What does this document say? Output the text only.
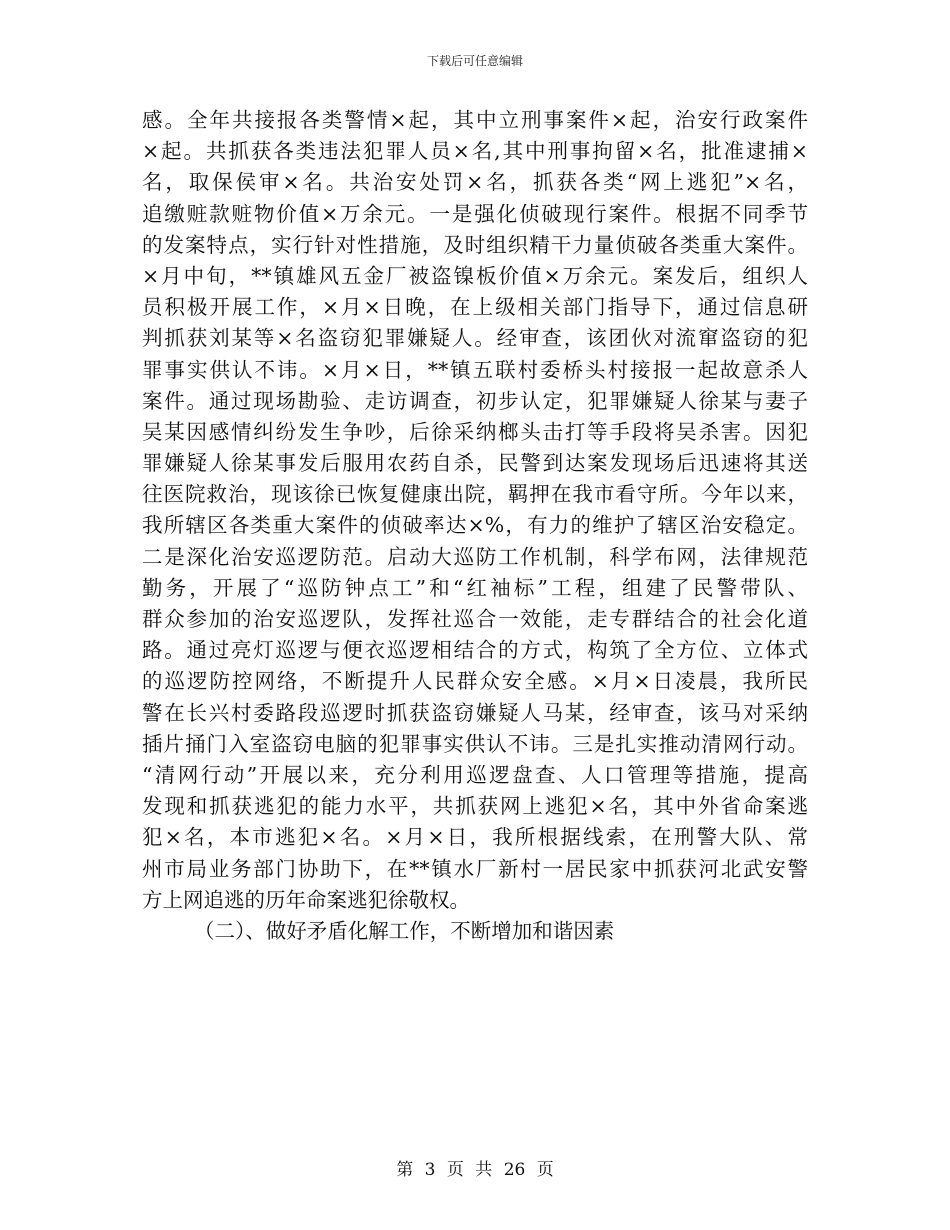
下载后可任意编辑
感。全年共接报各类警情×起，其中立刑事案件×起，治安行政案件
×起。共抓获各类违法犯罪人员×名,其中刑事拘留×名，批准逮捕×
名，取保侯审×名。共治安处罚×名，抓获各类“网上逃犯”×名，
追缴赃款赃物价值×万余元。一是强化侦破现行案件。根据不同季节
的发案特点，实行针对性措施，及时组织精干力量侦破各类重大案件。
×月中旬，**镇雄风五金厂被盗镍板价值×万余元。案发后，组织人
员积极开展工作，×月×日晚，在上级相关部门指导下，通过信息研
判抓获刘某等×名盗窃犯罪嫌疑人。经审查，该团伙对流窜盗窃的犯
罪事实供认不讳。×月×日，**镇五联村委桥头村接报一起故意杀人
案件。通过现场勘验、走访调查，初步认定，犯罪嫌疑人徐某与妻子
吴某因感情纠纷发生争吵，后徐采纳榔头击打等手段将吴杀害。因犯
罪嫌疑人徐某事发后服用农药自杀，民警到达案发现场后迅速将其送
往医院救治，现该徐已恢复健康出院，羁押在我市看守所。今年以来，
我所辖区各类重大案件的侦破率达×%，有力的维护了辖区治安稳定。
二是深化治安巡逻防范。启动大巡防工作机制，科学布网，法律规范
勤务，开展了“巡防钟点工”和“红袖标”工程，组建了民警带队、
群众参加的治安巡逻队，发挥社巡合一效能，走专群结合的社会化道
路。通过亮灯巡逻与便衣巡逻相结合的方式，构筑了全方位、立体式
的巡逻防控网络，不断提升人民群众安全感。×月×日凌晨，我所民
警在长兴村委路段巡逻时抓获盗窃嫌疑人马某，经审查，该马对采纳
插片捅门入室盗窃电脑的犯罪事实供认不讳。三是扎实推动清网行动。
“清网行动”开展以来，充分利用巡逻盘查、人口管理等措施，提高
发现和抓获逃犯的能力水平，共抓获网上逃犯×名，其中外省命案逃
犯×名，本市逃犯×名。×月×日，我所根据线索，在刑警大队、常
州市局业务部门协助下，在**镇水厂新村一居民家中抓获河北武安警
方上网追逃的历年命案逃犯徐敬权。
（二）、做好矛盾化解工作，不断增加和谐因素
第 3 页 共 26 页
